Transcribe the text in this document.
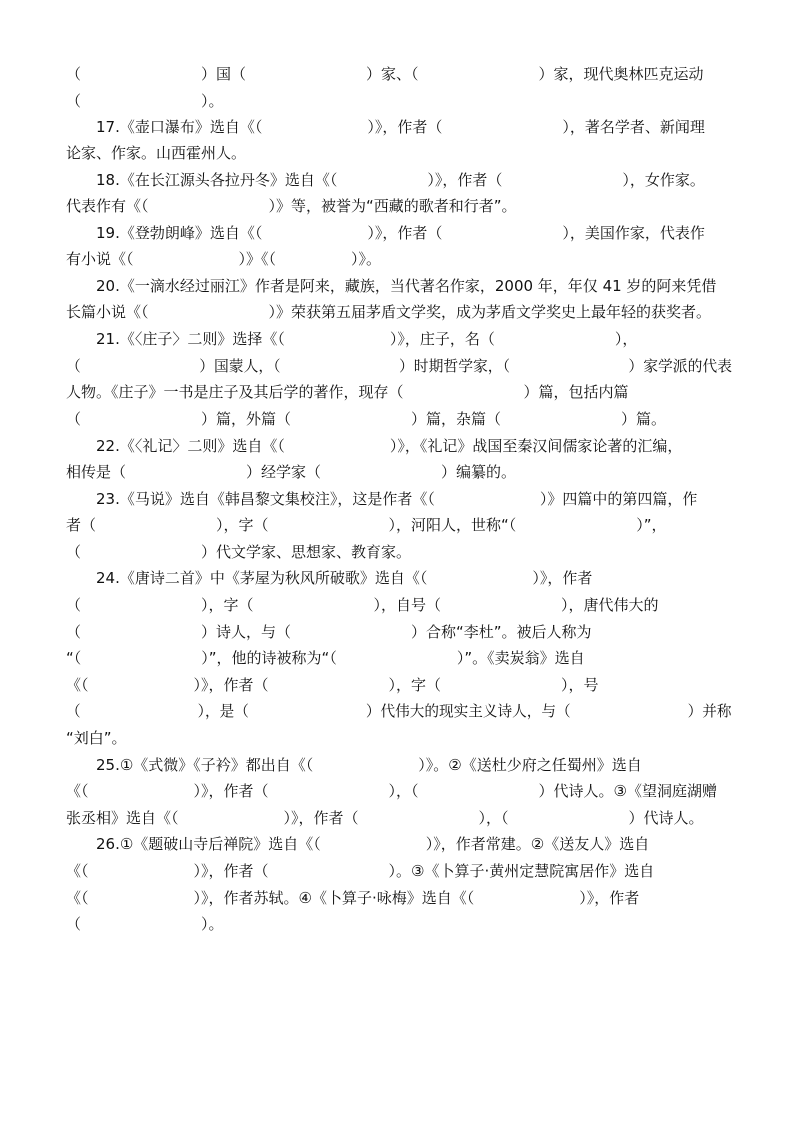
（　　　　　　　　）国（　　　　　　　　）家、（　　　　　　　　）家，现代奥林匹克运动
（　　　　　　　　）。
　　17.《壶口瀑布》选自《（　　　　　　　）》，作者（　　　　　　　　），著名学者、新闻理
论家、作家。山西霍州人。
　　18.《在长江源头各拉丹冬》选自《（　　　　　　）》，作者（　　　　　　　　），女作家。
代表作有《（　　　　　　　　）》等，被誉为“西藏的歌者和行者”。
　　19.《登勃朗峰》选自《（　　　　　　　）》，作者（　　　　　　　　），美国作家，代表作
有小说《（　　　　　　　）》《（　　　　　）》。
　　20.《一滴水经过丽江》作者是阿来，藏族，当代著名作家，2000 年，年仅 41 岁的阿来凭借
长篇小说《（　　　　　　　　）》荣获第五届茅盾文学奖，成为茅盾文学奖史上最年轻的获奖者。
　　21.《〈庄子〉二则》选择《（　　　　　　　）》，庄子，名（　　　　　　　　），
（　　　　　　　　）国蒙人，（　　　　　　　　）时期哲学家，（　　　　　　　　）家学派的代表
人物。《庄子》一书是庄子及其后学的著作，现存（　　　　　　　　）篇，包括内篇
（　　　　　　　　）篇，外篇（　　　　　　　　）篇，杂篇（　　　　　　　　）篇。
　　22.《〈礼记〉二则》选自《（　　　　　　　）》，《礼记》战国至秦汉间儒家论著的汇编，
相传是（　　　　　　　　）经学家（　　　　　　　　）编纂的。
　　23.《马说》选自《韩昌黎文集校注》，这是作者《（　　　　　　　）》四篇中的第四篇，作
者（　　　　　　　　），字（　　　　　　　　），河阳人，世称“（　　　　　　　　）”，
（　　　　　　　　）代文学家、思想家、教育家。
　　24.《唐诗二首》中《茅屋为秋风所破歌》选自《（　　　　　　　）》，作者
（　　　　　　　　），字（　　　　　　　　），自号（　　　　　　　　），唐代伟大的
（　　　　　　　　）诗人，与（　　　　　　　　）合称“李杜”。被后人称为
“（　　　　　　　　）”，他的诗被称为“（　　　　　　　　）”。《卖炭翁》选自
《（　　　　　　　）》，作者（　　　　　　　　），字（　　　　　　　　），号
（　　　　　　　　），是（　　　　　　　　）代伟大的现实主义诗人，与（　　　　　　　　）并称
“刘白”。
　　25.①《式微》《子衿》都出自《（　　　　　　　）》。②《送杜少府之任蜀州》选自
《（　　　　　　　）》，作者（　　　　　　　　），（　　　　　　　　）代诗人。③《望洞庭湖赠
张丞相》选自《（　　　　　　　）》，作者（　　　　　　　　），（　　　　　　　　）代诗人。
　　26.①《题破山寺后禅院》选自《（　　　　　　　）》，作者常建。②《送友人》选自
《（　　　　　　　）》，作者（　　　　　　　　）。③《卜算子·黄州定慧院寓居作》选自
《（　　　　　　　）》，作者苏轼。④《卜算子·咏梅》选自《（　　　　　　　）》，作者
（　　　　　　　　）。
